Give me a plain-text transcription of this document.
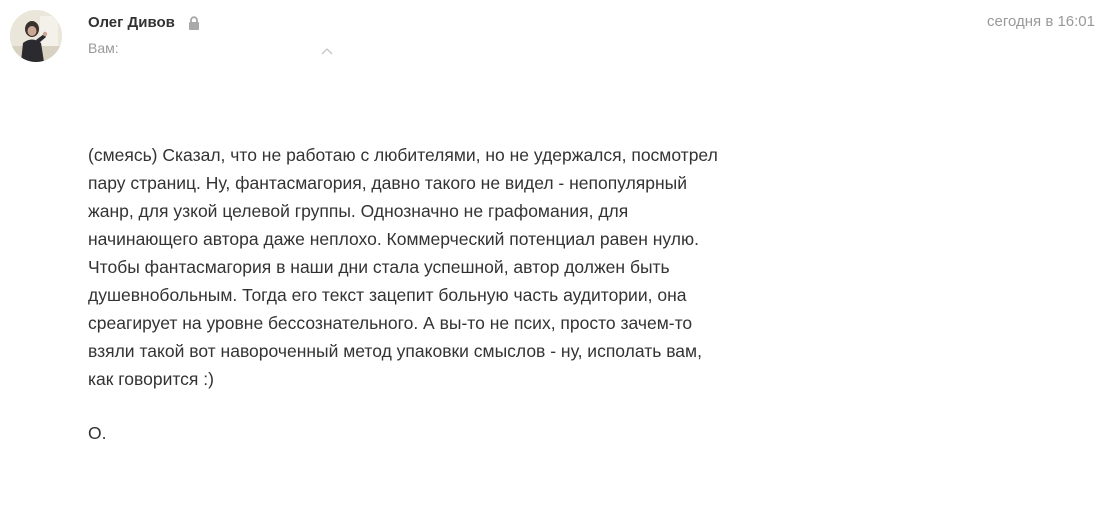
Олег Дивов
Вам:
сегодня в 16:01
(смеясь) Сказал, что не работаю с любителями, но не удержался, посмотрел
пару страниц. Ну, фантасмагория, давно такого не видел - непопулярный
жанр, для узкой целевой группы. Однозначно не графомания, для
начинающего автора даже неплохо. Коммерческий потенциал равен нулю.
Чтобы фантасмагория в наши дни стала успешной, автор должен быть
душевнобольным. Тогда его текст зацепит больную часть аудитории, она
среагирует на уровне бессознательного. А вы-то не псих, просто зачем-то
взяли такой вот навороченный метод упаковки смыслов - ну, исполать вам,
как говорится :)
О.
